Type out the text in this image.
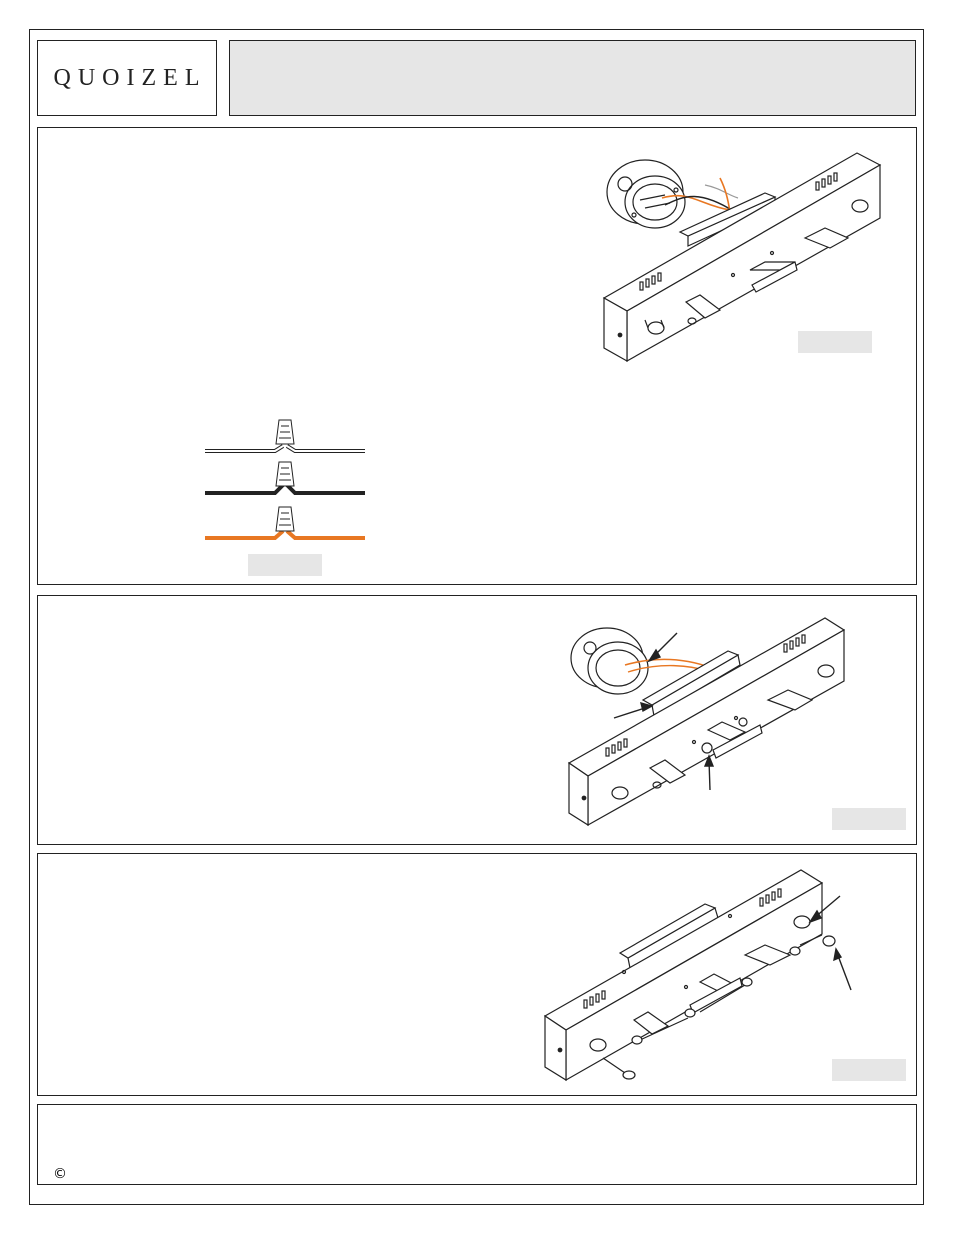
QUOIZEL
©
